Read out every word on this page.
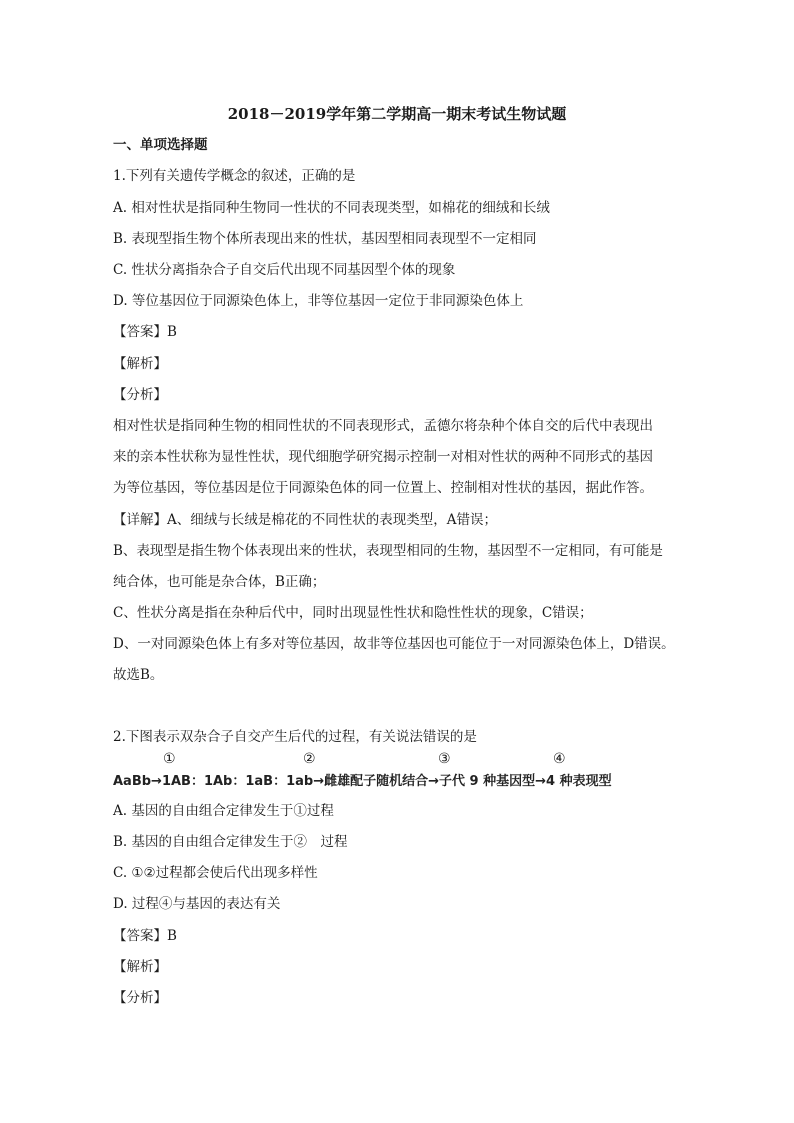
2018－2019学年第二学期高一期末考试生物试题
一、单项选择题
1.下列有关遗传学概念的叙述，正确的是
A. 相对性状是指同种生物同一性状的不同表现类型，如棉花的细绒和长绒
B. 表现型指生物个体所表现出来的性状，基因型相同表现型不一定相同
C. 性状分离指杂合子自交后代出现不同基因型个体的现象
D. 等位基因位于同源染色体上，非等位基因一定位于非同源染色体上
【答案】B
【解析】
【分析】
相对性状是指同种生物的相同性状的不同表现形式，孟德尔将杂种个体自交的后代中表现出
来的亲本性状称为显性性状，现代细胞学研究揭示控制一对相对性状的两种不同形式的基因
为等位基因，等位基因是位于同源染色体的同一位置上、控制相对性状的基因，据此作答。
【详解】A、细绒与长绒是棉花的不同性状的表现类型，A错误；
B、表现型是指生物个体表现出来的性状，表现型相同的生物，基因型不一定相同，有可能是
纯合体，也可能是杂合体，B正确；
C、性状分离是指在杂种后代中，同时出现显性性状和隐性性状的现象，C错误；
D、一对同源染色体上有多对等位基因，故非等位基因也可能位于一对同源染色体上，D错误。
故选B。
2.下图表示双杂合子自交产生后代的过程，有关说法错误的是
①	②	③	④
AaBb→1AB：1Ab：1aB：1ab→雌雄配子随机结合→子代 9 种基因型→4 种表现型
A. 基因的自由组合定律发生于①过程
B. 基因的自由组合定律发生于②　过程
C. ①②过程都会使后代出现多样性
D. 过程④与基因的表达有关
【答案】B
【解析】
【分析】
